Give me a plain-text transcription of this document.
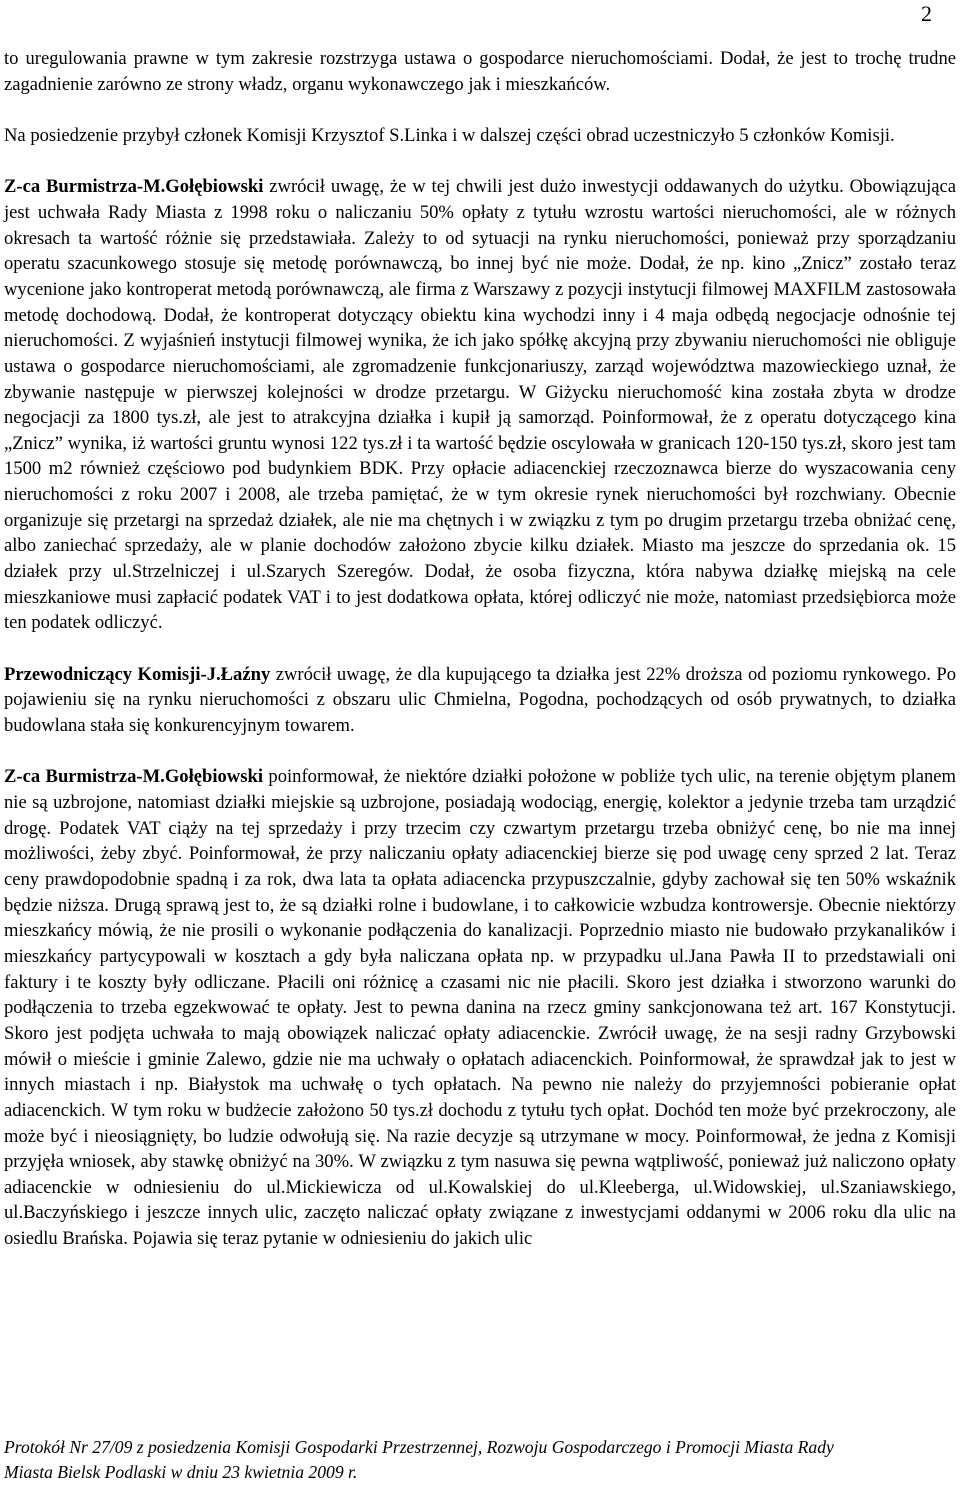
2

to uregulowania prawne w tym zakresie rozstrzyga ustawa o gospodarce nieruchomościami. Dodał, że jest to trochę trudne zagadnienie zarówno ze strony władz, organu wykonawczego jak i mieszkańców.

Na posiedzenie przybył członek Komisji Krzysztof S.Linka i w dalszej części obrad uczestniczyło 5 członków Komisji.

Z-ca Burmistrza-M.Gołębiowski zwrócił uwagę, że w tej chwili jest dużo inwestycji oddawanych do użytku. Obowiązująca jest uchwała Rady Miasta z 1998 roku o naliczaniu 50% opłaty z tytułu wzrostu wartości nieruchomości, ale w różnych okresach ta wartość różnie się przedstawiała. Zależy to od sytuacji na rynku nieruchomości, ponieważ przy sporządzaniu operatu szacunkowego stosuje się metodę porównawczą, bo innej być nie może. Dodał, że np. kino „Znicz” zostało teraz wycenione jako kontroperat metodą porównawczą, ale firma z Warszawy z pozycji instytucji filmowej MAXFILM zastosowała metodę dochodową. Dodał, że kontroperat dotyczący obiektu kina wychodzi inny i 4 maja odbędą negocjacje odnośnie tej nieruchomości. Z wyjaśnień instytucji filmowej wynika, że ich jako spółkę akcyjną przy zbywaniu nieruchomości nie obliguje ustawa o gospodarce nieruchomościami, ale zgromadzenie funkcjonariuszy, zarząd województwa mazowieckiego uznał, że zbywanie następuje w pierwszej kolejności w drodze przetargu. W Giżycku nieruchomość kina została zbyta w drodze negocjacji za 1800 tys.zł, ale jest to atrakcyjna działka i kupił ją samorząd. Poinformował, że z operatu dotyczącego kina „Znicz” wynika, iż wartości gruntu wynosi 122 tys.zł i ta wartość będzie oscylowała w granicach 120-150 tys.zł, skoro jest tam 1500 m2 również częściowo pod budynkiem BDK. Przy opłacie adiacenckiej rzeczoznawca bierze do wyszacowania ceny nieruchomości z roku 2007 i 2008, ale trzeba pamiętać, że w tym okresie rynek nieruchomości był rozchwiany. Obecnie organizuje się przetargi na sprzedaż działek, ale nie ma chętnych i w związku z tym po drugim przetargu trzeba obniżać cenę, albo zaniechać sprzedaży, ale w planie dochodów założono zbycie kilku działek. Miasto ma jeszcze do sprzedania ok. 15 działek przy ul.Strzelniczej i ul.Szarych Szeregów. Dodał, że osoba fizyczna, która nabywa działkę miejską na cele mieszkaniowe musi zapłacić podatek VAT i to jest dodatkowa opłata, której odliczyć nie może, natomiast przedsiębiorca może ten podatek odliczyć.

Przewodniczący Komisji-J.Łaźny zwrócił uwagę, że dla kupującego ta działka jest 22% droższa od poziomu rynkowego. Po pojawieniu się na rynku nieruchomości z obszaru ulic Chmielna, Pogodna, pochodzących od osób prywatnych, to działka budowlana stała się konkurencyjnym towarem.

Z-ca Burmistrza-M.Gołębiowski poinformował, że niektóre działki położone w pobliże tych ulic, na terenie objętym planem nie są uzbrojone, natomiast działki miejskie są uzbrojone, posiadają wodociąg, energię, kolektor a jedynie trzeba tam urządzić drogę. Podatek VAT ciąży na tej sprzedaży i przy trzecim czy czwartym przetargu trzeba obniżyć cenę, bo nie ma innej możliwości, żeby zbyć. Poinformował, że przy naliczaniu opłaty adiacenckiej bierze się pod uwagę ceny sprzed 2 lat. Teraz ceny prawdopodobnie spadną i za rok, dwa lata ta opłata adiacencka przypuszczalnie, gdyby zachował się ten 50% wskaźnik będzie niższa. Drugą sprawą jest to, że są działki rolne i budowlane, i to całkowicie wzbudza kontrowersje. Obecnie niektórzy mieszkańcy mówią, że nie prosili o wykonanie podłączenia do kanalizacji. Poprzednio miasto nie budowało przykanalików i mieszkańcy partycypowali w kosztach a gdy była naliczana opłata np. w przypadku ul.Jana Pawła II to przedstawiali oni faktury i te koszty były odliczane. Płacili oni różnicę a czasami nic nie płacili. Skoro jest działka i stworzono warunki do podłączenia to trzeba egzekwować te opłaty. Jest to pewna danina na rzecz gminy sankcjonowana też art. 167 Konstytucji. Skoro jest podjęta uchwała to mają obowiązek naliczać opłaty adiacenckie. Zwrócił uwagę, że na sesji radny Grzybowski mówił o mieście i gminie Zalewo, gdzie nie ma uchwały o opłatach adiacenckich. Poinformował, że sprawdzał jak to jest w innych miastach i np. Białystok ma uchwałę o tych opłatach. Na pewno nie należy do przyjemności pobieranie opłat adiacenckich. W tym roku w budżecie założono 50 tys.zł dochodu z tytułu tych opłat. Dochód ten może być przekroczony, ale może być i nieosiągnięty, bo ludzie odwołują się. Na razie decyzje są utrzymane w mocy. Poinformował, że jedna z Komisji przyjęła wniosek, aby stawkę obniżyć na 30%. W związku z tym nasuwa się pewna wątpliwość, ponieważ już naliczono opłaty adiacenckie w odniesieniu do ul.Mickiewicza od ul.Kowalskiej do ul.Kleeberga, ul.Widowskiej, ul.Szaniawskiego, ul.Baczyńskiego i jeszcze innych ulic, zaczęto naliczać opłaty związane z inwestycjami oddanymi w 2006 roku dla ulic na osiedlu Brańska. Pojawia się teraz pytanie w odniesieniu do jakich ulic

Protokół Nr 27/09 z posiedzenia Komisji Gospodarki Przestrzennej, Rozwoju Gospodarczego i Promocji Miasta Rady
Miasta Bielsk Podlaski w dniu 23 kwietnia 2009 r.
